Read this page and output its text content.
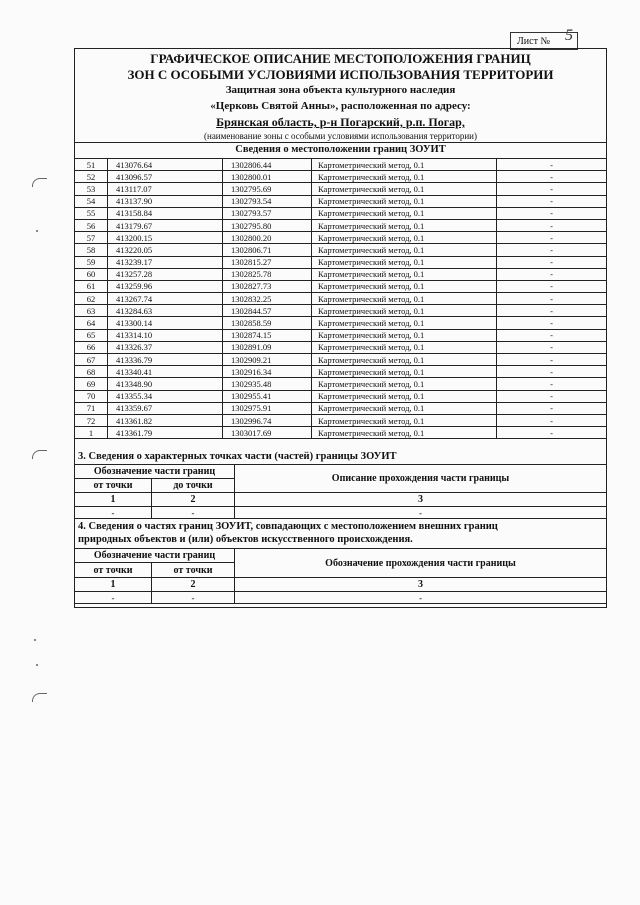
Лист № 5
ГРАФИЧЕСКОЕ ОПИСАНИЕ МЕСТОПОЛОЖЕНИЯ ГРАНИЦ
ЗОН С ОСОБЫМИ УСЛОВИЯМИ ИСПОЛЬЗОВАНИЯ ТЕРРИТОРИИ
Защитная зона объекта культурного наследия
«Церковь Святой Анны», расположенная по адресу:
Брянская область, р-н Погарский, р.п. Погар,
(наименование зоны с особыми условиями использования территории)
Сведения о местоположении границ ЗОУИТ
51	413076.64	1302806.44	Картометрический метод, 0.1	-
52	413096.57	1302800.01	Картометрический метод, 0.1	-
53	413117.07	1302795.69	Картометрический метод, 0.1	-
54	413137.90	1302793.54	Картометрический метод, 0.1	-
55	413158.84	1302793.57	Картометрический метод, 0.1	-
56	413179.67	1302795.80	Картометрический метод, 0.1	-
57	413200.15	1302800.20	Картометрический метод, 0.1	-
58	413220.05	1302806.71	Картометрический метод, 0.1	-
59	413239.17	1302815.27	Картометрический метод, 0.1	-
60	413257.28	1302825.78	Картометрический метод, 0.1	-
61	413259.96	1302827.73	Картометрический метод, 0.1	-
62	413267.74	1302832.25	Картометрический метод, 0.1	-
63	413284.63	1302844.57	Картометрический метод, 0.1	-
64	413300.14	1302858.59	Картометрический метод, 0.1	-
65	413314.10	1302874.15	Картометрический метод, 0.1	-
66	413326.37	1302891.09	Картометрический метод, 0.1	-
67	413336.79	1302909.21	Картометрический метод, 0.1	-
68	413340.41	1302916.34	Картометрический метод, 0.1	-
69	413348.90	1302935.48	Картометрический метод, 0.1	-
70	413355.34	1302955.41	Картометрический метод, 0.1	-
71	413359.67	1302975.91	Картометрический метод, 0.1	-
72	413361.82	1302996.74	Картометрический метод, 0.1	-
1	413361.79	1303017.69	Картометрический метод, 0.1	-
3. Сведения о характерных точках части (частей) границы ЗОУИТ
Обозначение части границ		Описание прохождения части границы
от точки	до точки	
1	2	3
-	-	-
4. Сведения о частях границ ЗОУИТ, совпадающих с местоположением внешних границ
природных объектов и (или) объектов искусственного происхождения.
Обозначение части границ		Обозначение прохождения части границы
от точки	от точки	
1	2	3
-	-	-
